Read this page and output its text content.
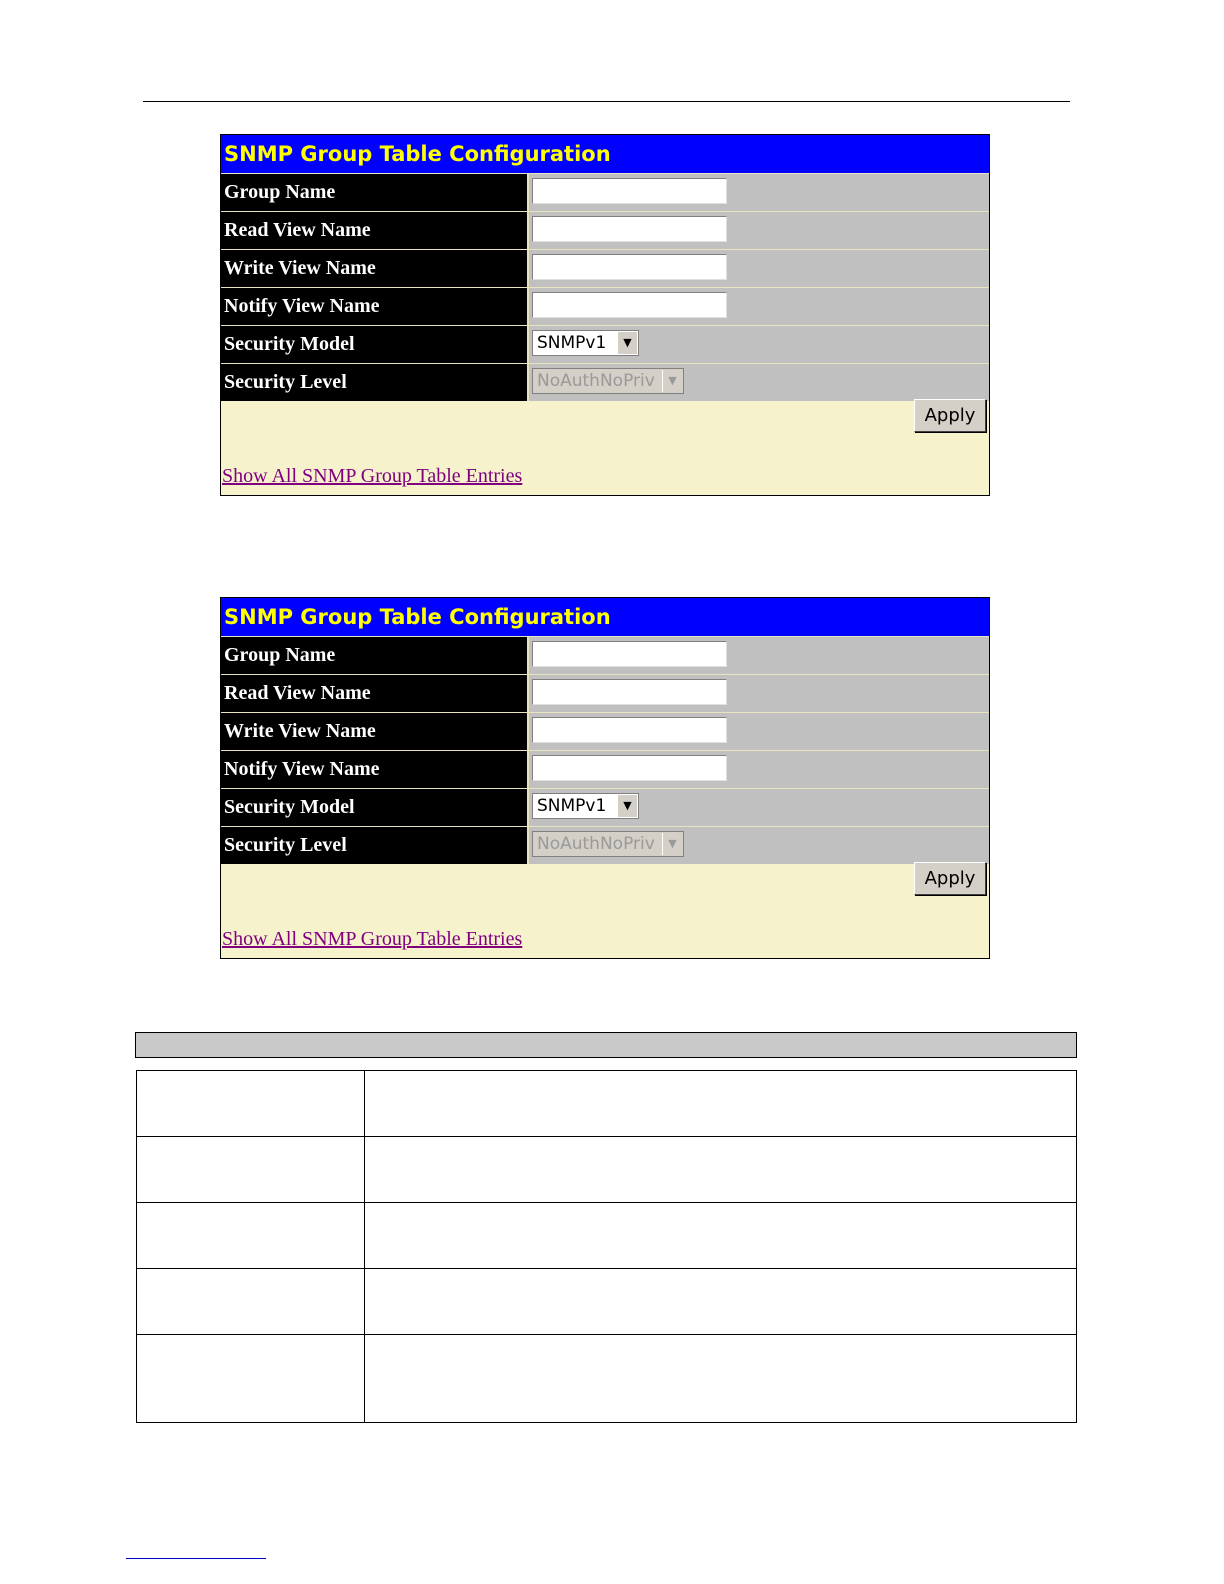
SNMP Group Table Configuration
Group Name
Read View Name
Write View Name
Notify View Name
Security Model	SNMPv1	▼
Security Level	NoAuthNoPriv	▼
Apply
Show All SNMP Group Table Entries
SNMP Group Table Configuration
Group Name
Read View Name
Write View Name
Notify View Name
Security Model	SNMPv1	▼
Security Level	NoAuthNoPriv	▼
Apply
Show All SNMP Group Table Entries
